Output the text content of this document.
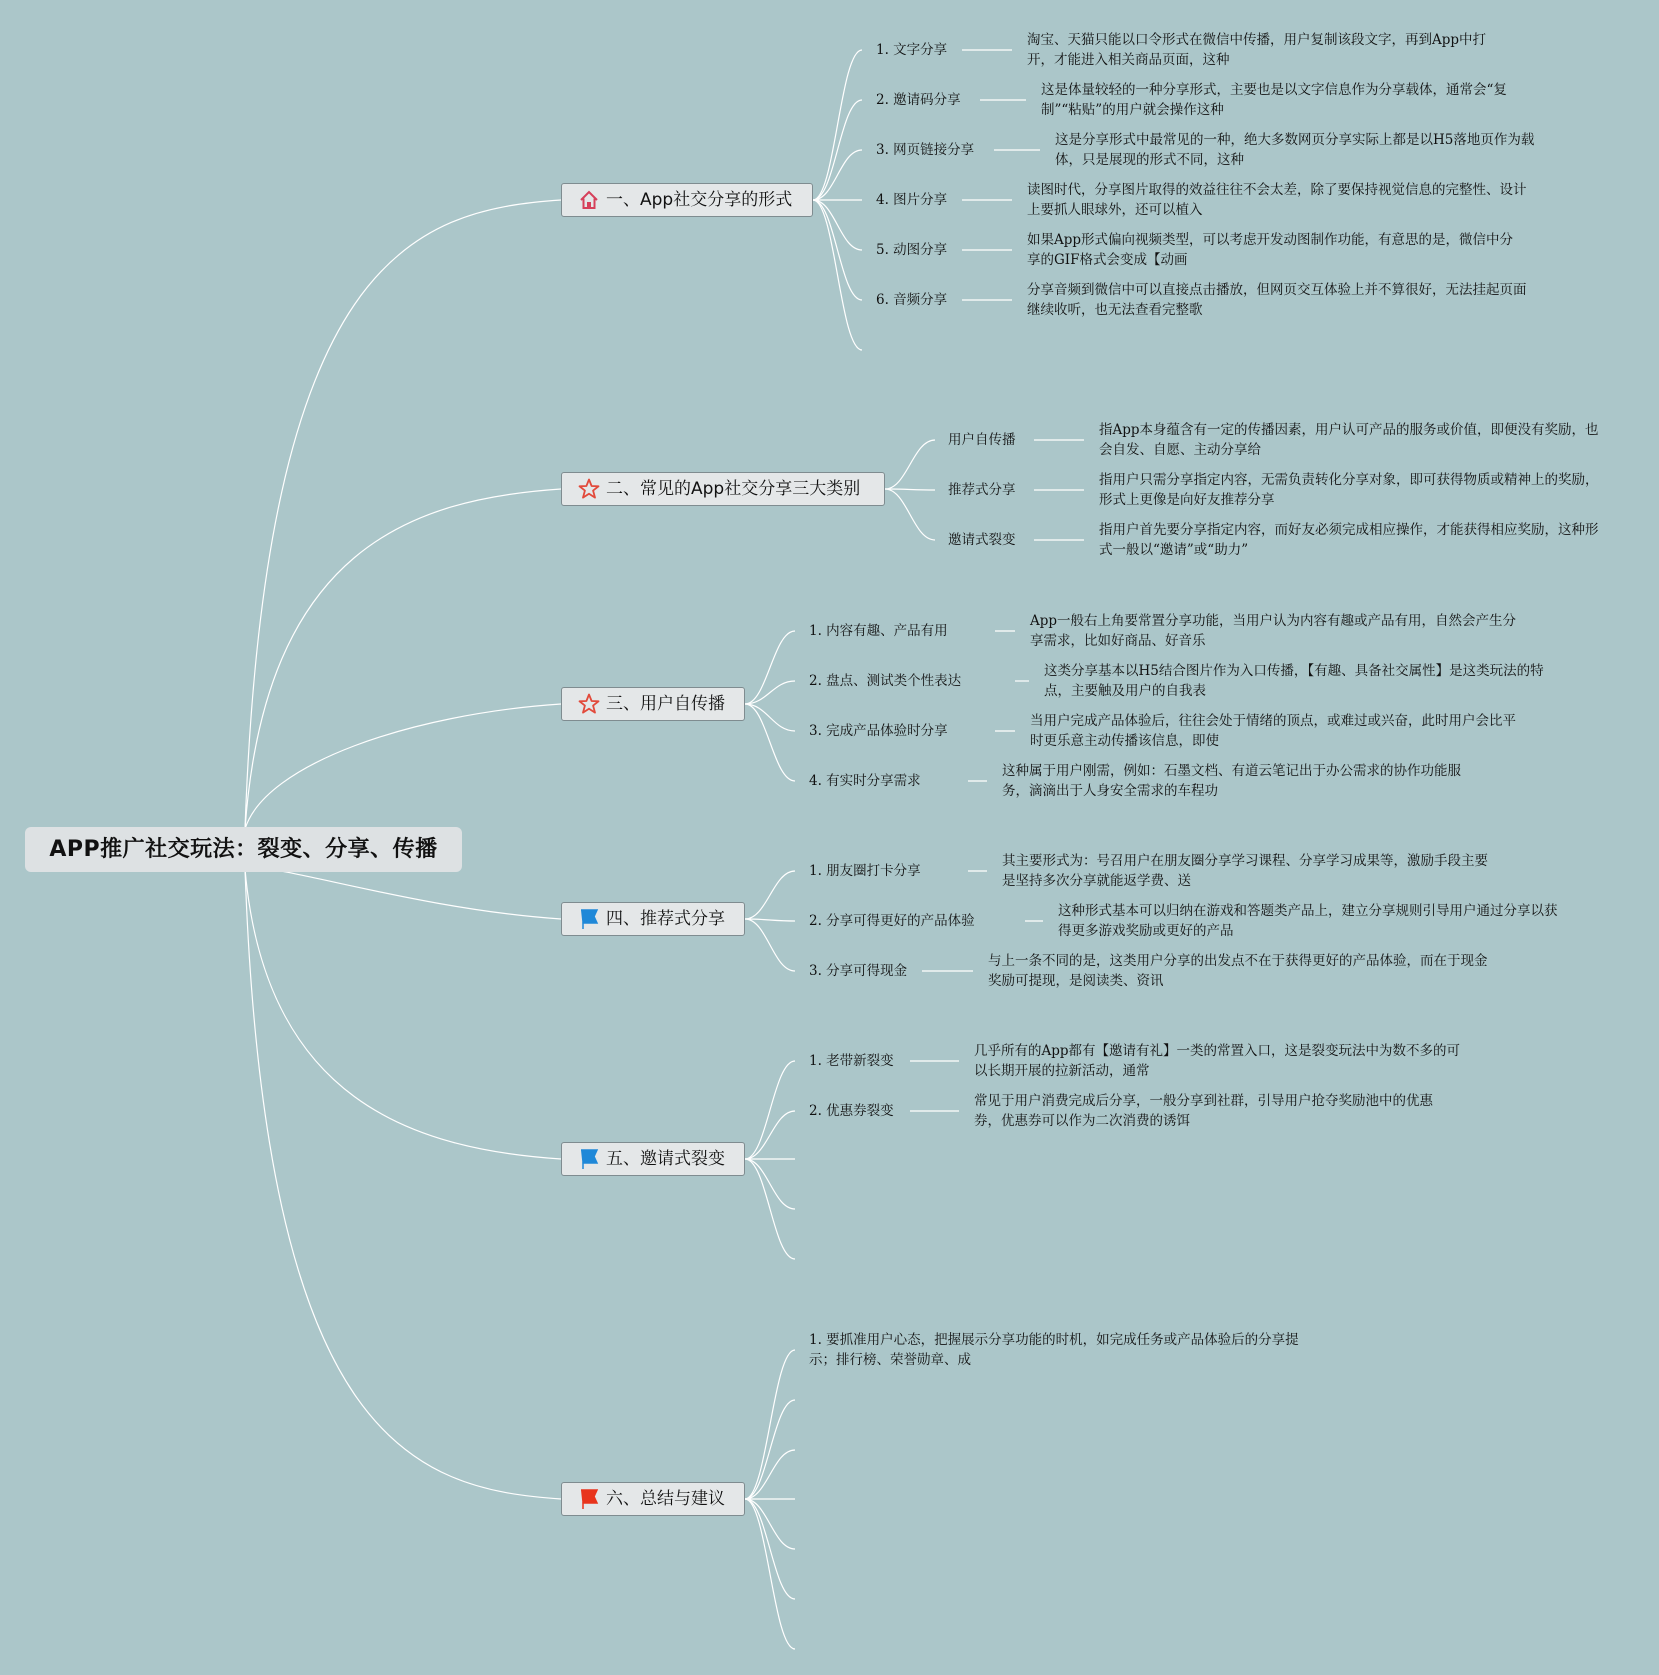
APP推广社交玩法：裂变、分享、传播
一、App社交分享的形式
1. 文字分享
淘宝、天猫只能以口令形式在微信中传播，用户复制该段文字，再到App中打开，才能进入相关商品页面，这种
2. 邀请码分享
这是体量较轻的一种分享形式，主要也是以文字信息作为分享载体，通常会“复制”“粘贴”的用户就会操作这种
3. 网页链接分享
这是分享形式中最常见的一种，绝大多数网页分享实际上都是以H5落地页作为载体，只是展现的形式不同，这种
4. 图片分享
读图时代，分享图片取得的效益往往不会太差，除了要保持视觉信息的完整性、设计上要抓人眼球外，还可以植入
5. 动图分享
如果App形式偏向视频类型，可以考虑开发动图制作功能，有意思的是，微信中分享的GIF格式会变成【动画
6. 音频分享
分享音频到微信中可以直接点击播放，但网页交互体验上并不算很好，无法挂起页面继续收听，也无法查看完整歌
二、常见的App社交分享三大类别
用户自传播
指App本身蕴含有一定的传播因素，用户认可产品的服务或价值，即便没有奖励，也会自发、自愿、主动分享给
推荐式分享
指用户只需分享指定内容，无需负责转化分享对象，即可获得物质或精神上的奖励，形式上更像是向好友推荐分享
邀请式裂变
指用户首先要分享指定内容，而好友必须完成相应操作，才能获得相应奖励，这种形式一般以“邀请”或“助力”
三、用户自传播
1. 内容有趣、产品有用
App一般右上角要常置分享功能，当用户认为内容有趣或产品有用，自然会产生分享需求，比如好商品、好音乐
2. 盘点、测试类个性表达
这类分享基本以H5结合图片作为入口传播，【有趣、具备社交属性】是这类玩法的特点，主要触及用户的自我表
3. 完成产品体验时分享
当用户完成产品体验后，往往会处于情绪的顶点，或难过或兴奋，此时用户会比平时更乐意主动传播该信息，即使
4. 有实时分享需求
这种属于用户刚需，例如：石墨文档、有道云笔记出于办公需求的协作功能服务，滴滴出于人身安全需求的车程功
四、推荐式分享
1. 朋友圈打卡分享
其主要形式为：号召用户在朋友圈分享学习课程、分享学习成果等，激励手段主要是坚持多次分享就能返学费、送
2. 分享可得更好的产品体验
这种形式基本可以归纳在游戏和答题类产品上，建立分享规则引导用户通过分享以获得更多游戏奖励或更好的产品
3. 分享可得现金
与上一条不同的是，这类用户分享的出发点不在于获得更好的产品体验，而在于现金奖励可提现，是阅读类、资讯
五、邀请式裂变
1. 老带新裂变
几乎所有的App都有【邀请有礼】一类的常置入口，这是裂变玩法中为数不多的可以长期开展的拉新活动，通常
2. 优惠券裂变
常见于用户消费完成后分享，一般分享到社群，引导用户抢夺奖励池中的优惠券，优惠券可以作为二次消费的诱饵
六、总结与建议
1. 要抓准用户心态，把握展示分享功能的时机，如完成任务或产品体验后的分享提示；排行榜、荣誉勋章、成
